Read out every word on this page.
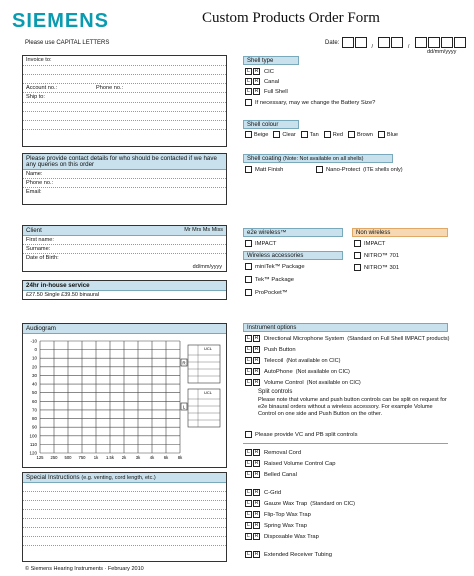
SIEMENS	Custom Products Order Form
Please use CAPITAL LETTERS	Date:
/	/
dd/mm/yyyy
Invoice to:
Account no.:	Phone no.:
Ship to:
Please provide contact details for who should be contacted if we have any queries on this order
Name:
Phone no.:
Email:
Client	Mr Mrs Ms Miss
First name:
Surname:
Date of Birth:
dd/mm/yyyy
24hr in-house service
£27.50 Single £39.50 binaural
Audiogram
-10
0
10
20
30
40
50
60
70
80
90
100
110
120
125 250 500 750 1k 1.5k 2k 3k 4k 6k 8k
UCL
R
UCL
L
Special Instructions (e.g. venting, cord length, etc.)
© Siemens Hearing Instruments · February 2010
Shell type
L R CIC
L R Canal
L R Full Shell
If necessary, may we change the Battery Size?
Shell colour
Beige	Clear	Tan	Red	Brown	Blue
Shell coating (Note: Not available on all shells)
Matt Finish	Nano-Protect (ITE shells only)
e2e wireless™
IMPACT
Wireless accessories
miniTek™ Package
Tek™ Package
ProPocket™
Non wireless
IMPACT
NITRO™ 701
NITRO™ 301
Instrument options
L R Directional Microphone System (Standard on Full Shell IMPACT products)
L R Push Button
L R Telecoil (Not available on CIC)
L R AutoPhone (Not available on CIC)
L R Volume Control (Not available on CIC)
Split controls
Please note that volume and push button controls can be split on request for e2e binaural orders without a wireless accessory. For example Volume Control on one side and Push Button on the other.
Please provide VC and PB split controls
L R Removal Cord
L R Raised Volume Control Cap
L R Belled Canal
L R C-Grid
L R Gauze Wax Trap (Standard on CIC)
L R Flip-Top Wax Trap
L R Spring Wax Trap
L R Disposable Wax Trap
L R Extended Receiver Tubing
